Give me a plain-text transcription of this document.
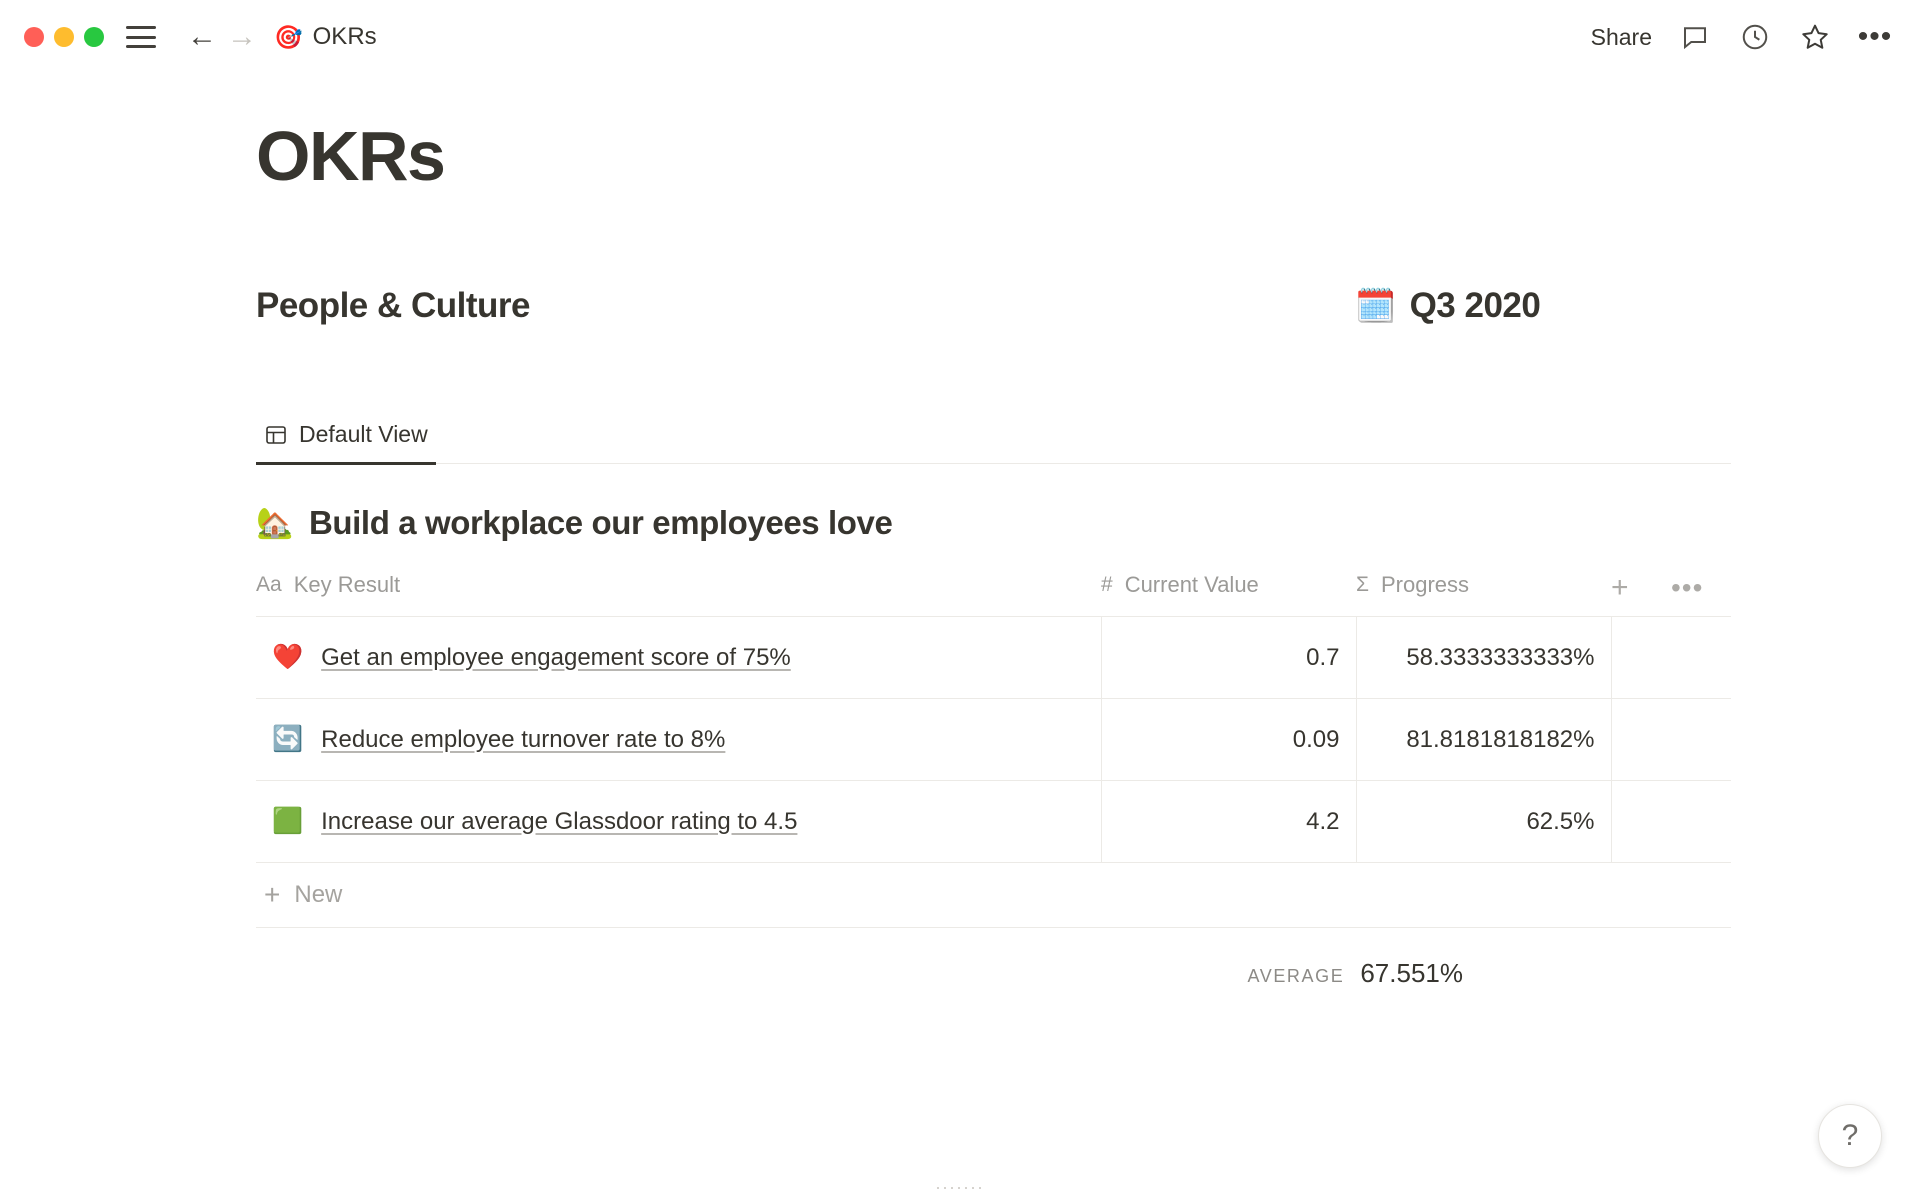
← → 🎯 OKRs	Share	•••
OKRs
People & Culture	🗓️ Q3 2020
Default View
🏡 Build a workplace our employees love
Aa Key Result	# Current Value	Σ Progress	+	•••

❤️ Get an employee engagement score of 75%	0.7	58.3333333333%		

🔄 Reduce employee turnover rate to 8%	0.09	81.8181818182%		

🟩 Increase our average Glassdoor rating to 4.5	4.2	62.5%		
+ New
AVERAGE 67.551%
?
.......
